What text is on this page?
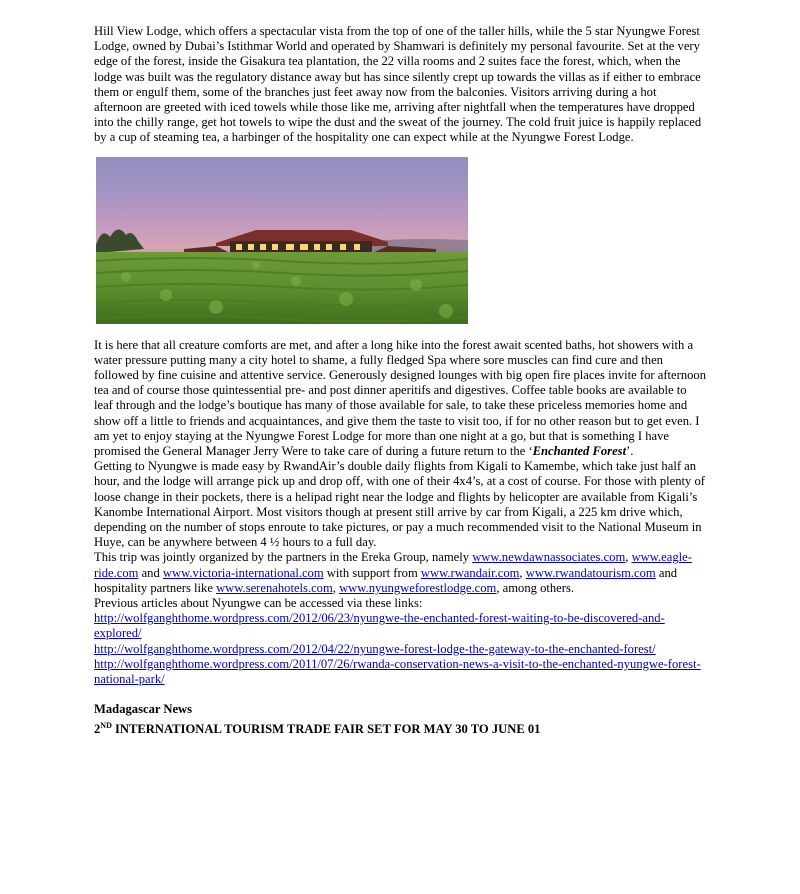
Hill View Lodge, which offers a spectacular vista from the top of one of the taller hills, while the 5 star Nyungwe Forest Lodge, owned by Dubai’s Istithmar World and operated by Shamwari is definitely my personal favourite. Set at the very edge of the forest, inside the Gisakura tea plantation, the 22 villa rooms and 2 suites face the forest, which, when the lodge was built was the regulatory distance away but has since silently crept up towards the villas as if either to embrace them or engulf them, some of the branches just feet away now from the balconies. Visitors arriving during a hot afternoon are greeted with iced towels while those like me, arriving after nightfall when the temperatures have dropped into the chilly range, get hot towels to wipe the dust and the sweat of the journey. The cold fruit juice is happily replaced by a cup of steaming tea, a harbinger of the hospitality one can expect while at the Nyungwe Forest Lodge.

It is here that all creature comforts are met, and after a long hike into the forest await scented baths, hot showers with a water pressure putting many a city hotel to shame, a fully fledged Spa where sore muscles can find cure and then followed by fine cuisine and attentive service. Generously designed lounges with big open fire places invite for afternoon tea and of course those quintessential pre- and post dinner aperitifs and digestives. Coffee table books are available to leaf through and the lodge’s boutique has many of those available for sale, to take these priceless memories home and show off a little to friends and acquaintances, and give them the taste to visit too, if for no other reason but to get even. I am yet to enjoy staying at the Nyungwe Forest Lodge for more than one night at a go, but that is something I have promised the General Manager Jerry Were to take care of during a future return to the ‘Enchanted Forest’.

Getting to Nyungwe is made easy by RwandAir’s double daily flights from Kigali to Kamembe, which take just half an hour, and the lodge will arrange pick up and drop off, with one of their 4x4’s, at a cost of course. For those with plenty of loose change in their pockets, there is a helipad right near the lodge and flights by helicopter are available from Kigali’s Kanombe International Airport. Most visitors though at present still arrive by car from Kigali, a 225 km drive which, depending on the number of stops enroute to take pictures, or pay a much recommended visit to the National Museum in Huye, can be anywhere between 4 ½ hours to a full day.

This trip was jointly organized by the partners in the Ereka Group, namely www.newdawnassociates.com, www.eagle-ride.com and www.victoria-international.com with support from www.rwandair.com, www.rwandatourism.com and hospitality partners like www.serenahotels.com, www.nyungweforestlodge.com, among others.

Previous articles about Nyungwe can be accessed via these links:

http://wolfganghthome.wordpress.com/2012/06/23/nyungwe-the-enchanted-forest-waiting-to-be-discovered-and-explored/

http://wolfganghthome.wordpress.com/2012/04/22/nyungwe-forest-lodge-the-gateway-to-the-enchanted-forest/

http://wolfganghthome.wordpress.com/2011/07/26/rwanda-conservation-news-a-visit-to-the-enchanted-nyungwe-forest-national-park/

Madagascar News

2ND INTERNATIONAL TOURISM TRADE FAIR SET FOR MAY 30 TO JUNE 01
